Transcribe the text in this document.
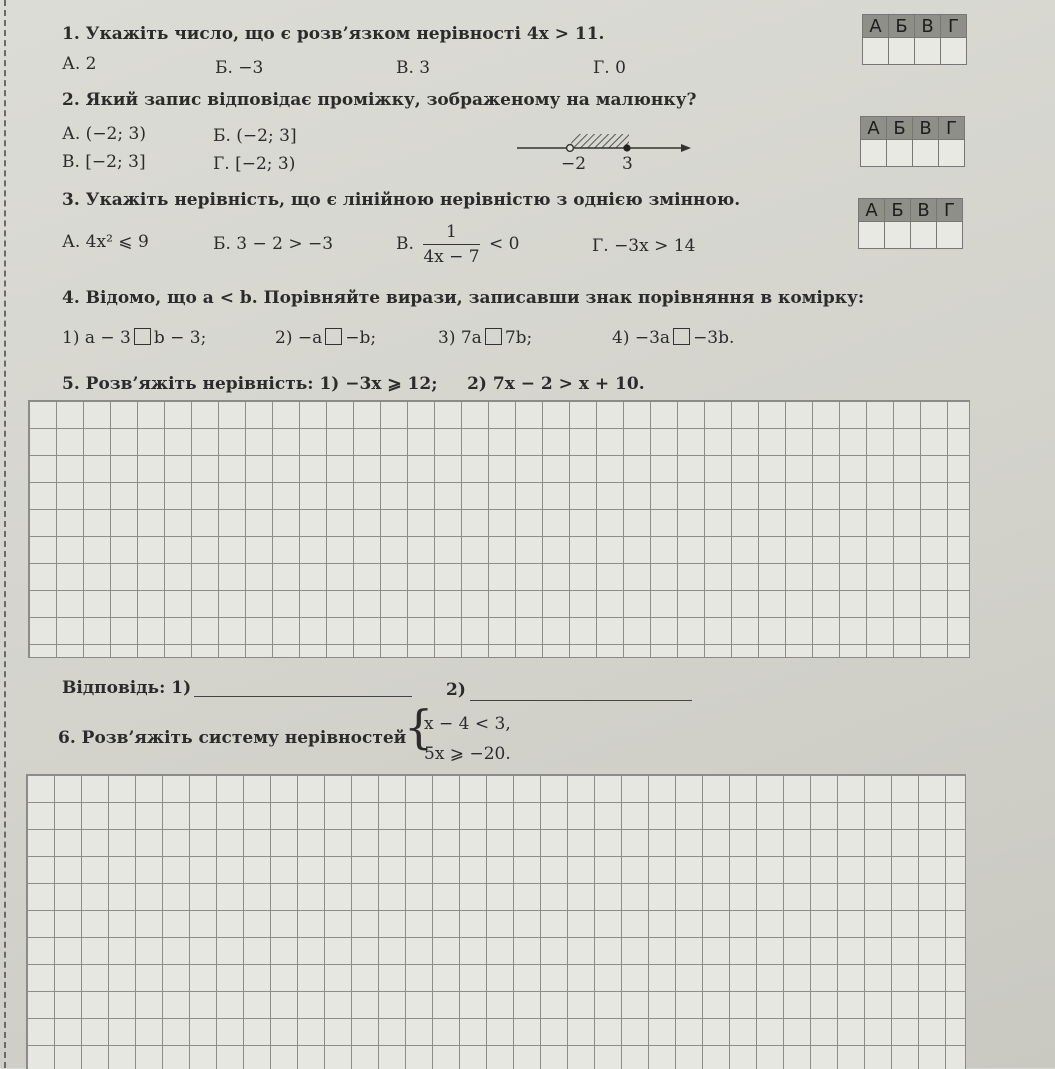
1. Укажіть число, що є розв’язком нерівності 4x > 11.
А. 2	Б. −3	В. 3	Г. 0
А	Б	В	Г

2. Який запис відповідає проміжку, зображеному на малюнку?
А. (−2; 3)	Б. (−2; 3]
В. [−2; 3]	Г. [−2; 3)	−2 3
А	Б	В	Г

3. Укажіть нерівність, що є лінійною нерівністю з однією змінною.
А. 4x² ⩽ 9	Б. 3 − 2 > −3	В. $\frac{1}{4x - 7} < 0$	Г. −3x > 14
А	Б	В	Г

4. Відомо, що a < b. Порівняйте вирази, записавши знак порівняння в комірку:
1) a − 3 b − 3;	2) −a −b;	3) 7a 7b;	4) −3a −3b.
5. Розв’яжіть нерівність: 1) −3x ⩾ 12;     2) 7x − 2 > x + 10.
Відповідь: 1)	2)
6. Розв’яжіть систему нерівностей
{
x − 4 < 3,
5x ⩾ −20.
